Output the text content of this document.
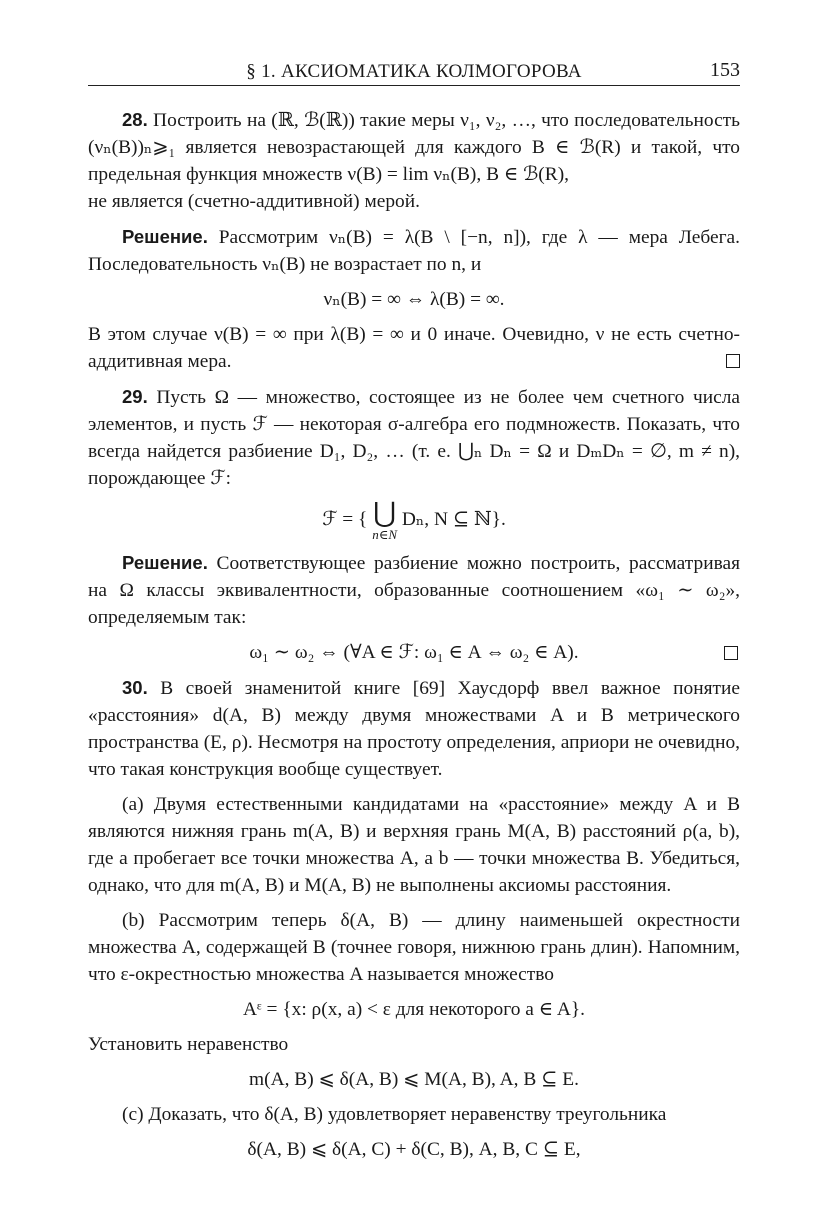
§ 1. АКСИОМАТИКА КОЛМОГОРОВА	153

28. Построить на (ℝ, ℬ(ℝ)) такие меры ν₁, ν₂, …, что последовательность (νₙ(B))ₙ⩾₁ является невозрастающей для каждого B ∈ ℬ(R) и такой, что предельная функция множеств ν(B) = lim νₙ(B), B ∈ ℬ(R),

не является (счетно-аддитивной) мерой.

Решение. Рассмотрим νₙ(B) = λ(B \ [−n, n]), где λ — мера Лебега. Последовательность νₙ(B) не возрастает по n, и

νₙ(B) = ∞ ⇔ λ(B) = ∞.

В этом случае ν(B) = ∞ при λ(B) = ∞ и 0 иначе. Очевидно, ν не есть счетно-аддитивная мера.

29. Пусть Ω — множество, состоящее из не более чем счетного числа элементов, и пусть ℱ — некоторая σ-алгебра его подмножеств. Показать, что всегда найдется разбиение D₁, D₂, … (т. е. ⋃ₙ Dₙ = Ω и DₘDₙ = ∅, m ≠ n), порождающее ℱ:

ℱ = { ⋃
n∈N
Dₙ, N ⊆ ℕ}.

Решение. Соответствующее разбиение можно построить, рассматривая на Ω классы эквивалентности, образованные соотношением «ω₁ ∼ ω₂», определяемым так:

ω₁ ∼ ω₂ ⇔ (∀A ∈ ℱ: ω₁ ∈ A ⇔ ω₂ ∈ A).

30. В своей знаменитой книге [69] Хаусдорф ввел важное понятие «расстояния» d(A, B) между двумя множествами A и B метрического пространства (E, ρ). Несмотря на простоту определения, априори не очевидно, что такая конструкция вообще существует.

(a) Двумя естественными кандидатами на «расстояние» между A и B являются нижняя грань m(A, B) и верхняя грань M(A, B) расстояний ρ(a, b), где a пробегает все точки множества A, а b — точки множества B. Убедиться, однако, что для m(A, B) и M(A, B) не выполнены аксиомы расстояния.

(b) Рассмотрим теперь δ(A, B) — длину наименьшей окрестности множества A, содержащей B (точнее говоря, нижнюю грань длин). Напомним, что ε-окрестностью множества A называется множество

Aᵋ = {x: ρ(x, a) < ε для некоторого a ∈ A}.

Установить неравенство

m(A, B) ⩽ δ(A, B) ⩽ M(A, B), A, B ⊆ E.

(c) Доказать, что δ(A, B) удовлетворяет неравенству треугольника

δ(A, B) ⩽ δ(A, C) + δ(C, B), A, B, C ⊆ E,
